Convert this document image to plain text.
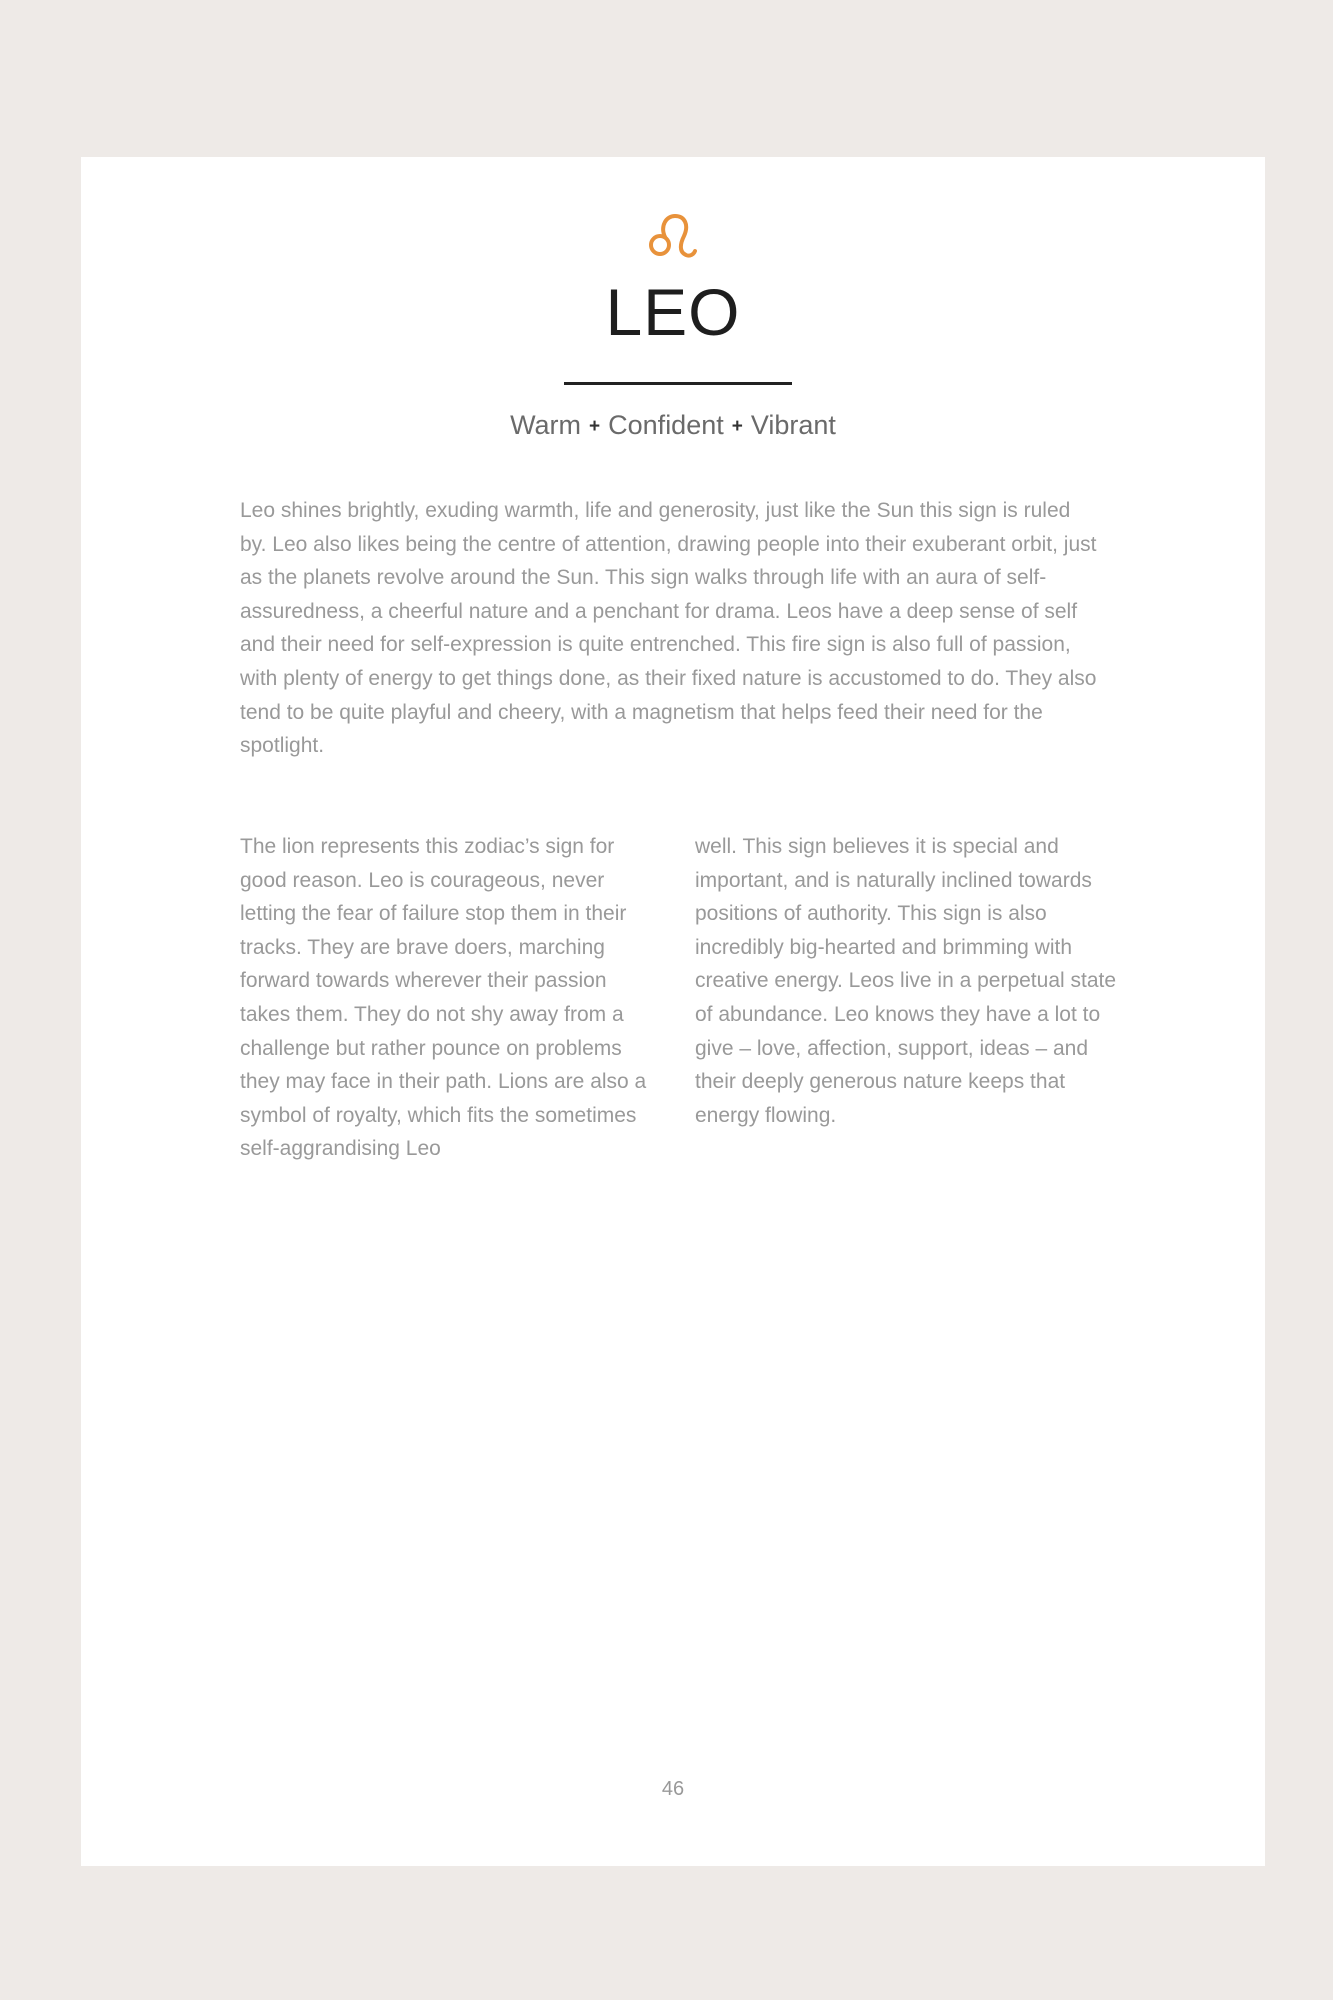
LEO
Warm + Confident + Vibrant

Leo shines brightly, exuding warmth, life and generosity, just like the Sun this sign is ruled by. Leo also likes being the centre of attention, drawing people into their exuberant orbit, just as the planets revolve around the Sun. This sign walks through life with an aura of self-assuredness, a cheerful nature and a penchant for drama. Leos have a deep sense of self and their need for self-expression is quite entrenched. This fire sign is also full of passion, with plenty of energy to get things done, as their fixed nature is accustomed to do. They also tend to be quite playful and cheery, with a magnetism that helps feed their need for the spotlight.

The lion represents this zodiac’s sign for good reason. Leo is courageous, never letting the fear of failure stop them in their tracks. They are brave doers, marching forward towards wherever their passion takes them. They do not shy away from a challenge but rather pounce on problems they may face in their path. Lions are also a symbol of royalty, which fits the sometimes self-aggrandising Leo

well. This sign believes it is special and important, and is naturally inclined towards positions of authority. This sign is also incredibly big-hearted and brimming with creative energy. Leos live in a perpetual state of abundance. Leo knows they have a lot to give – love, affection, support, ideas – and their deeply generous nature keeps that energy flowing.

46
